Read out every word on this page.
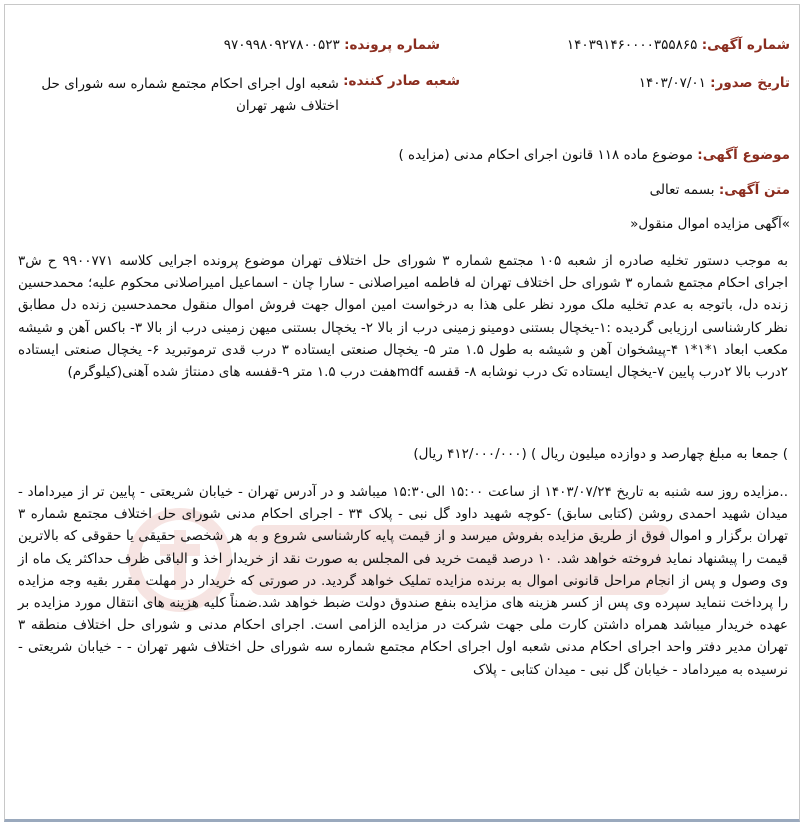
شماره آگهی: ۱۴۰۳۹۱۴۶۰۰۰۰۳۵۵۸۶۵
شماره پرونده: ۹۷۰۹۹۸۰۹۲۷۸۰۰۵۲۳
تاریخ صدور: ۱۴۰۳/۰۷/۰۱
شعبه صادر کننده: شعبه اول اجرای احکام مجتمع شماره سه شورای حل اختلاف شهر تهران
موضوع آگهی: موضوع ماده ۱۱۸ قانون اجرای احکام مدنی (مزایده )
متن آگهی: بسمه تعالی
»آگهی مزایده اموال منقول«
به موجب دستور تخلیه صادره از شعبه ۱۰۵ مجتمع شماره ۳ شورای حل اختلاف تهران موضوع پرونده اجرایی کلاسه ۹۹۰۰۷۷۱ ح ش۳ اجرای احکام مجتمع شماره ۳ شورای حل اختلاف تهران له فاطمه امیراصلانی - سارا چان - اسماعیل امیراصلانی محکوم علیه؛ محمدحسین زنده دل، باتوجه به عدم تخلیه ملک مورد نظر علی هذا به درخواست امین اموال جهت فروش اموال منقول محمدحسین زنده دل مطابق نظر کارشناسی ارزیابی گردیده :۱-یخچال بستنی دومینو زمینی درب از بالا ۲- یخچال بستنی میهن زمینی درب از بالا ۳- باکس آهن و شیشه مکعب ابعاد ۱*۱*۱ ۴-پیشخوان آهن و شیشه به طول ۱.۵ متر ۵- یخچال صنعتی ایستاده ۳ درب قدی ترموتبرید ۶- یخچال صنعتی ایستاده ۲درب بالا ۲درب پایین ۷-یخچال ایستاده تک درب نوشابه ۸- قفسه mdfهفت درب ۱.۵ متر ۹-قفسه های دمنتاژ شده آهنی(کیلوگرم)
) جمعا به مبلغ چهارصد و دوازده میلیون ریال ) (۴۱۲/۰۰۰/۰۰۰ ریال)
..مزایده روز سه شنبه به تاریخ ۱۴۰۳/۰۷/۲۴ از ساعت ۱۵:۰۰ الی۱۵:۳۰ میباشد و در آدرس تهران - خیابان شریعتی - پایین تر از میرداماد - میدان شهید احمدی روشن (کتابی سابق) -کوچه شهید داود گل نبی - پلاک ۳۴ - اجرای احکام مدنی شورای حل اختلاف مجتمع شماره ۳ تهران برگزار و اموال فوق از طریق مزایده بفروش میرسد و از قیمت پایه کارشناسی شروع و به هر شخصی حقیقی یا حقوقی که بالاترین قیمت را پیشنهاد نماید فروخته خواهد شد. ۱۰ درصد قیمت خرید فی المجلس به صورت نقد از خریدار اخذ و الباقی ظرف حداکثر یک ماه از وی وصول و پس از انجام مراحل قانونی اموال به برنده مزایده تملیک خواهد گردید. در صورتی که خریدار در مهلت مقرر بقیه وجه مزایده را پرداخت ننماید سپرده وی پس از کسر هزینه های مزایده بنفع صندوق دولت ضبط خواهد شد.ضمناً کلیه هزینه های انتقال مورد مزایده بر عهده خریدار میباشد همراه داشتن کارت ملی جهت شرکت در مزایده الزامی است. اجرای احکام مدنی و شورای حل اختلاف منطقه ۳ تهران مدیر دفتر واحد اجرای احکام مدنی شعبه اول اجرای احکام مجتمع شماره سه شورای حل اختلاف شهر تهران - - خیابان شریعتی - نرسیده به میرداماد - خیابان گل نبی - میدان کتابی - پلاک
